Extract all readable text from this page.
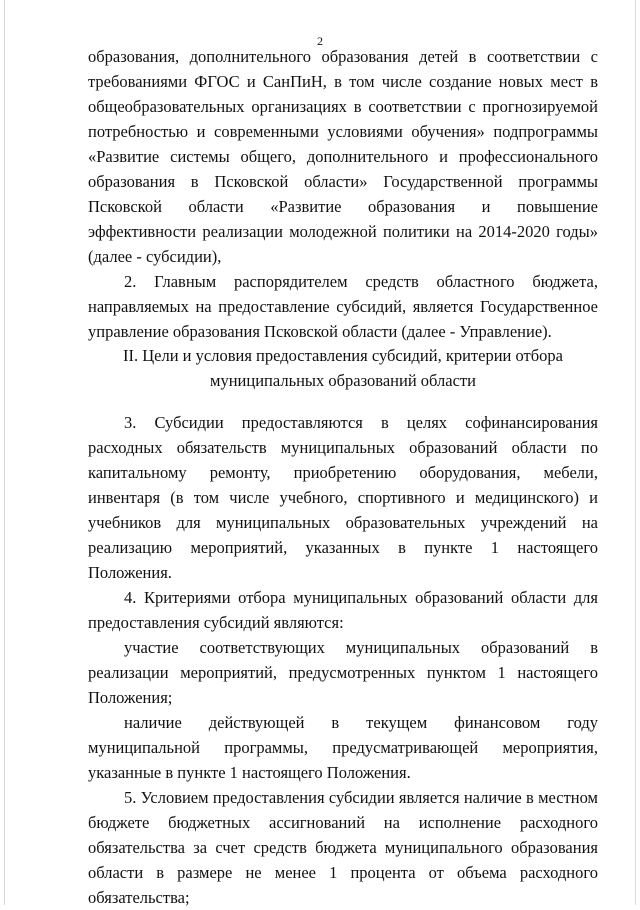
2

образования, дополнительного образования детей в соответствии с требованиями ФГОС и СанПиН, в том числе создание новых мест в общеобразовательных организациях в соответствии с прогнозируемой потребностью и современными условиями обучения» подпрограммы «Развитие системы общего, дополнительного и профессионального образования в Псковской области» Государственной программы Псковской области «Развитие образования и повышение эффективности реализации молодежной политики на 2014-2020 годы» (далее - субсидии),

2. Главным распорядителем средств областного бюджета, направляемых на предоставление субсидий, является Государственное управление образования Псковской области (далее - Управление).

II. Цели и условия предоставления субсидий, критерии отбора
муниципальных образований области

3. Субсидии предоставляются в целях софинансирования расходных обязательств муниципальных образований области по капитальному ремонту, приобретению оборудования, мебели, инвентаря (в том числе учебного, спортивного и медицинского) и учебников для муниципальных образовательных учреждений на реализацию мероприятий, указанных в пункте 1 настоящего Положения.

4. Критериями отбора муниципальных образований области для предоставления субсидий являются:

участие соответствующих муниципальных образований в реализации мероприятий, предусмотренных пунктом 1 настоящего Положения;

наличие действующей в текущем финансовом году муниципальной программы, предусматривающей мероприятия, указанные в пункте 1 настоящего Положения.

5. Условием предоставления субсидии является наличие в местном бюджете бюджетных ассигнований на исполнение расходного обязательства за счет средств бюджета муниципального образования области в размере не менее 1 процента от объема расходного обязательства;
